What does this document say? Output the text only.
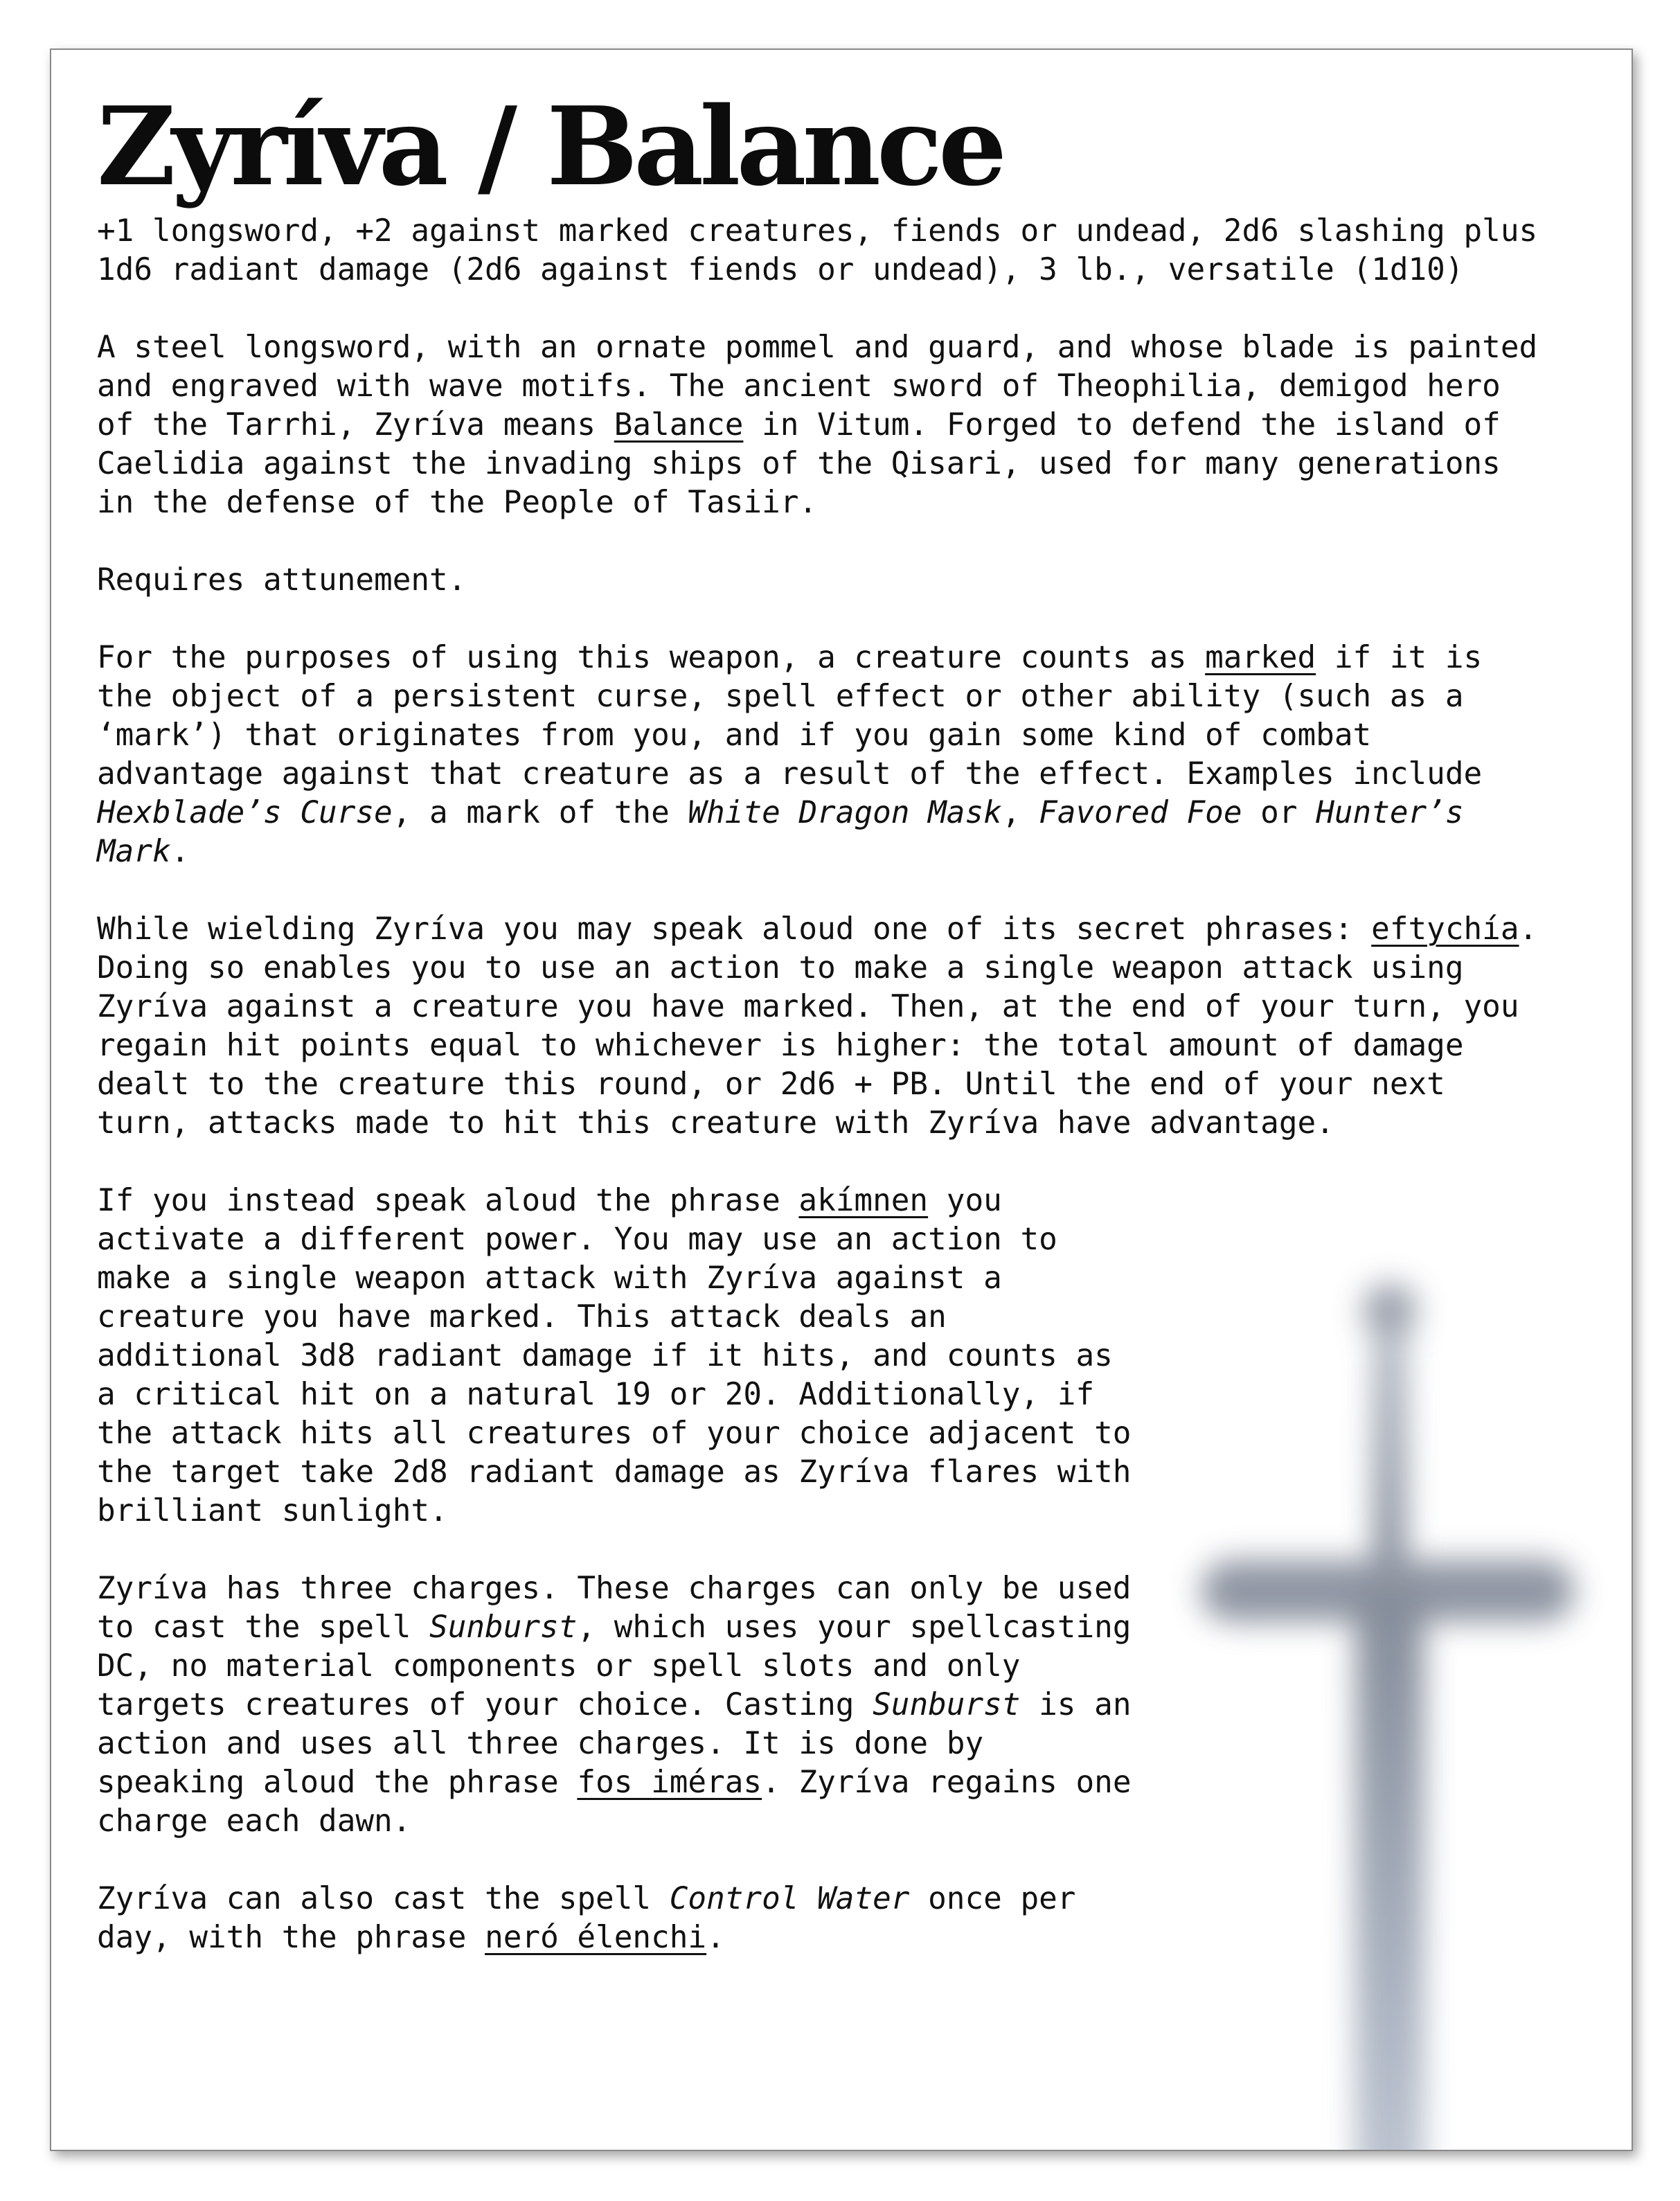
Zyríva / Balance
+1 longsword, +2 against marked creatures, fiends or undead, 2d6 slashing plus
1d6 radiant damage (2d6 against fiends or undead), 3 lb., versatile (1d10)
A steel longsword, with an ornate pommel and guard, and whose blade is painted
and engraved with wave motifs. The ancient sword of Theophilia, demigod hero
of the Tarrhi, Zyríva means Balance in Vitum. Forged to defend the island of
Caelidia against the invading ships of the Qisari, used for many generations
in the defense of the People of Tasiir.
Requires attunement.
For the purposes of using this weapon, a creature counts as marked if it is
the object of a persistent curse, spell effect or other ability (such as a
‘mark’) that originates from you, and if you gain some kind of combat
advantage against that creature as a result of the effect. Examples include
Hexblade’s Curse, a mark of the White Dragon Mask, Favored Foe or Hunter’s
Mark.
While wielding Zyríva you may speak aloud one of its secret phrases: eftychía.
Doing so enables you to use an action to make a single weapon attack using
Zyríva against a creature you have marked. Then, at the end of your turn, you
regain hit points equal to whichever is higher: the total amount of damage
dealt to the creature this round, or 2d6 + PB. Until the end of your next
turn, attacks made to hit this creature with Zyríva have advantage.
If you instead speak aloud the phrase akímnen you
activate a different power. You may use an action to
make a single weapon attack with Zyríva against a
creature you have marked. This attack deals an
additional 3d8 radiant damage if it hits, and counts as
a critical hit on a natural 19 or 20. Additionally, if
the attack hits all creatures of your choice adjacent to
the target take 2d8 radiant damage as Zyríva flares with
brilliant sunlight.
Zyríva has three charges. These charges can only be used
to cast the spell Sunburst, which uses your spellcasting
DC, no material components or spell slots and only
targets creatures of your choice. Casting Sunburst is an
action and uses all three charges. It is done by
speaking aloud the phrase fos iméras. Zyríva regains one
charge each dawn.
Zyríva can also cast the spell Control Water once per
day, with the phrase neró élenchi.
